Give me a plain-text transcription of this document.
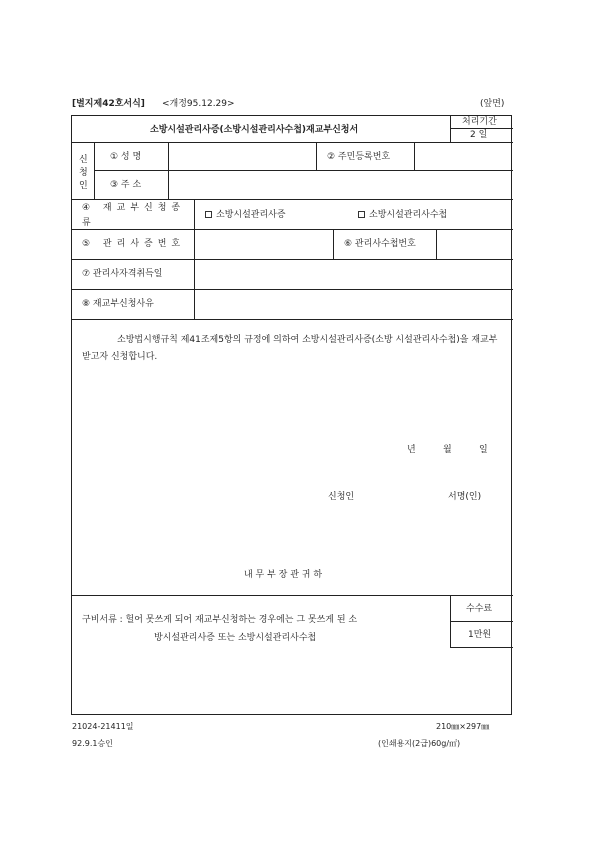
[별지제42호서식] <개정95.12.29>	(앞면)
소방시설관리사증(소방시설관리사수첩)재교부신청서
처리기간
2 일
신
청
인
① 성 명	② 주민등록번호
③ 주 소
④ 재교부신청종
류
소방시설관리사증	소방시설관리사수첩
⑤ 관리사증번호	⑥ 관리사수첩번호
⑦ 관리사자격취득일
⑧ 재교부신청사유
소방법시행규칙 제41조제5항의 규정에 의하여 소방시설관리사증(소방 시설관리사수첩)을 재교부받고자 신청합니다.
년	월	일
신청인	서명(인)
내 무 부 장 관 귀 하
구비서류 : 헐어 못쓰게 되어 재교부신청하는 경우에는 그 못쓰게 된 소
방시설관리사증 또는 소방시설관리사수첩
수수료
1만원
21024-21411일	210㎜×297㎜
92.9.1승인	(인쇄용지(2급)60g/㎡)
